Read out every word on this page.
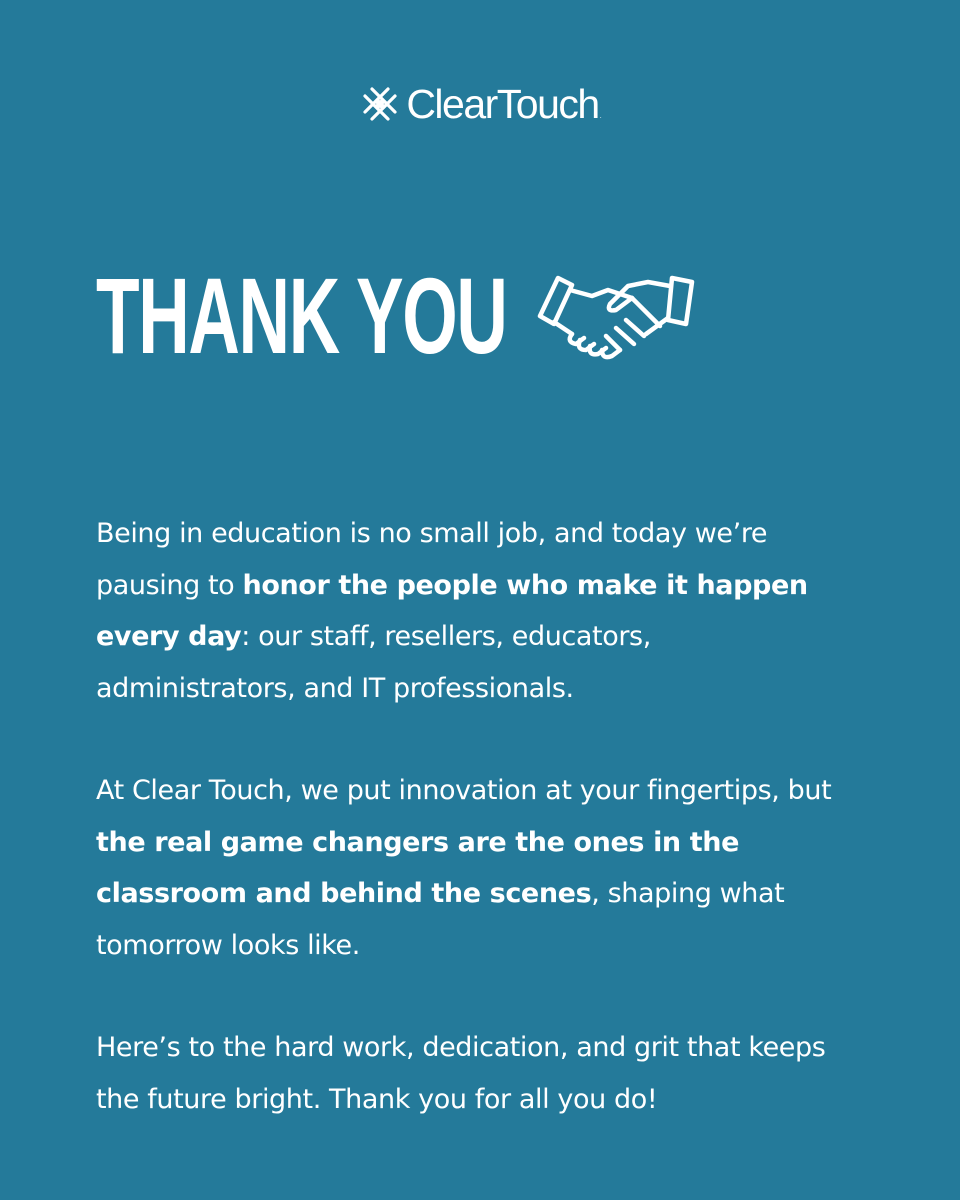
ClearTouch .
THANK YOU

Being in education is no small job, and today we’re pausing to honor the people who make it happen every day: our staff, resellers, educators, administrators, and IT professionals.

At Clear Touch, we put innovation at your fingertips, but the real game changers are the ones in the classroom and behind the scenes, shaping what tomorrow looks like.

Here’s to the hard work, dedication, and grit that keeps the future bright. Thank you for all you do!
